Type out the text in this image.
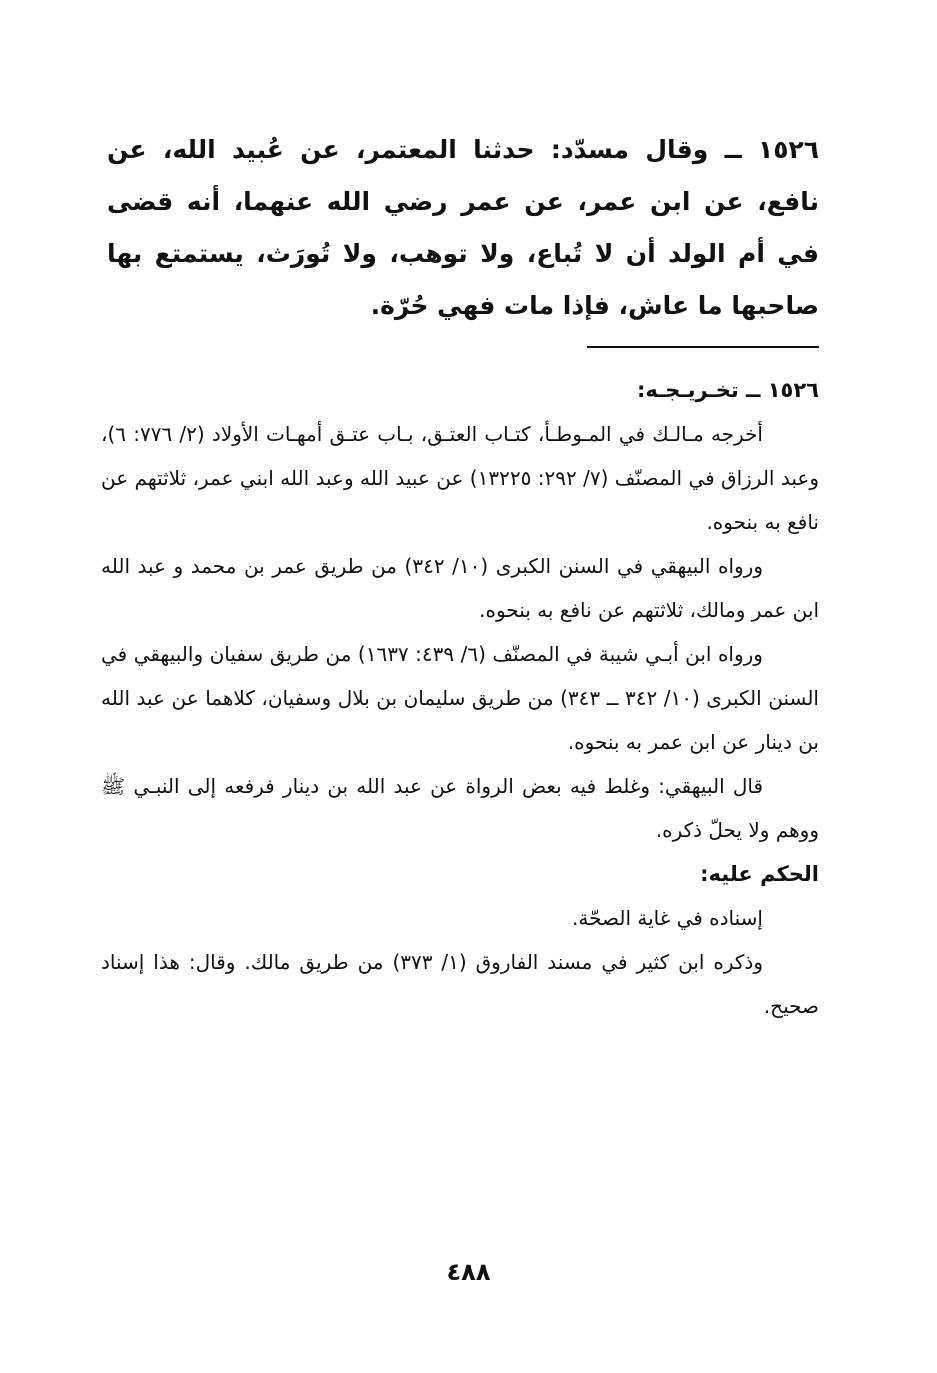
١٥٢٦ ــ وقال مسدّد: حدثنا المعتمر، عن عُبيد الله، عن نافع، عن ابن عمر، عن عمر رضي الله عنهما، أنه قضى في أم الولد أن لا تُباع، ولا توهب، ولا تُورَث، يستمتع بها صاحبها ما عاش، فإذا مات فهي حُرّة.

١٥٢٦ ــ تخـريـجـه:

أخرجه مـالـك في المـوطـأ، كتـاب العتـق، بـاب عتـق أمهـات الأولاد (٢/ ٧٧٦: ٦)، وعبد الرزاق في المصنّف (٧/ ٢٩٢: ١٣٢٢٥) عن عبيد الله وعبد الله ابني عمر، ثلاثتهم عن نافع به بنحوه.

ورواه البيهقي في السنن الكبرى (١٠/ ٣٤٢) من طريق عمر بن محمد و عبد الله ابن عمر ومالك، ثلاثتهم عن نافع به بنحوه.

ورواه ابن أبـي شيبة في المصنّف (٦/ ٤٣٩: ١٦٣٧) من طريق سفيان والبيهقي في السنن الكبرى (١٠/ ٣٤٢ ــ ٣٤٣) من طريق سليمان بن بلال وسفيان، كلاهما عن عبد الله بن دينار عن ابن عمر به بنحوه.

قال البيهقي: وغلط فيه بعض الرواة عن عبد الله بن دينار فرفعه إلى النبـي ﷺ ووهم ولا يحلّ ذكره.

الحكم عليه:

إسناده في غاية الصحّة.

وذكره ابن كثير في مسند الفاروق (١/ ٣٧٣) من طريق مالك. وقال: هذا إسناد صحيح.

٤٨٨
